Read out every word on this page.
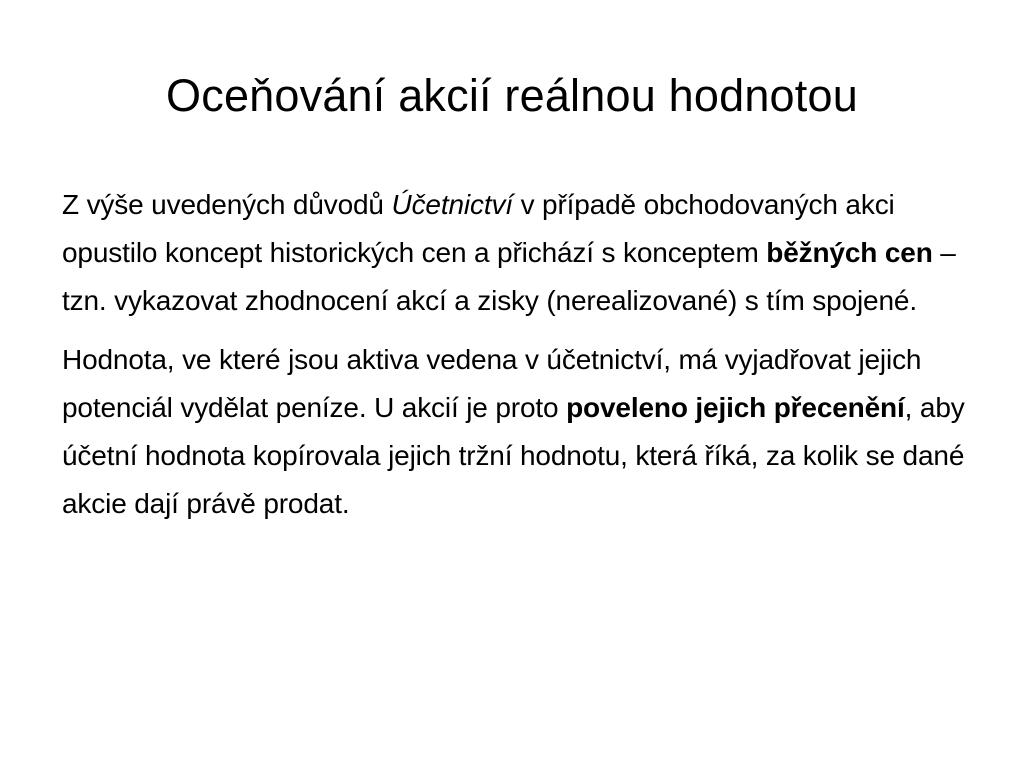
Oceňování akcií reálnou hodnotou

Z výše uvedených důvodů Účetnictví v případě obchodovaných akci opustilo koncept historických cen a přichází s konceptem běžných cen – tzn. vykazovat zhodnocení akcí a zisky (nerealizované) s tím spojené.

Hodnota, ve které jsou aktiva vedena v účetnictví, má vyjadřovat jejich potenciál vydělat peníze. U akcií je proto poveleno jejich přecenění, aby účetní hodnota kopírovala jejich tržní hodnotu, která říká, za kolik se dané akcie dají právě prodat.
